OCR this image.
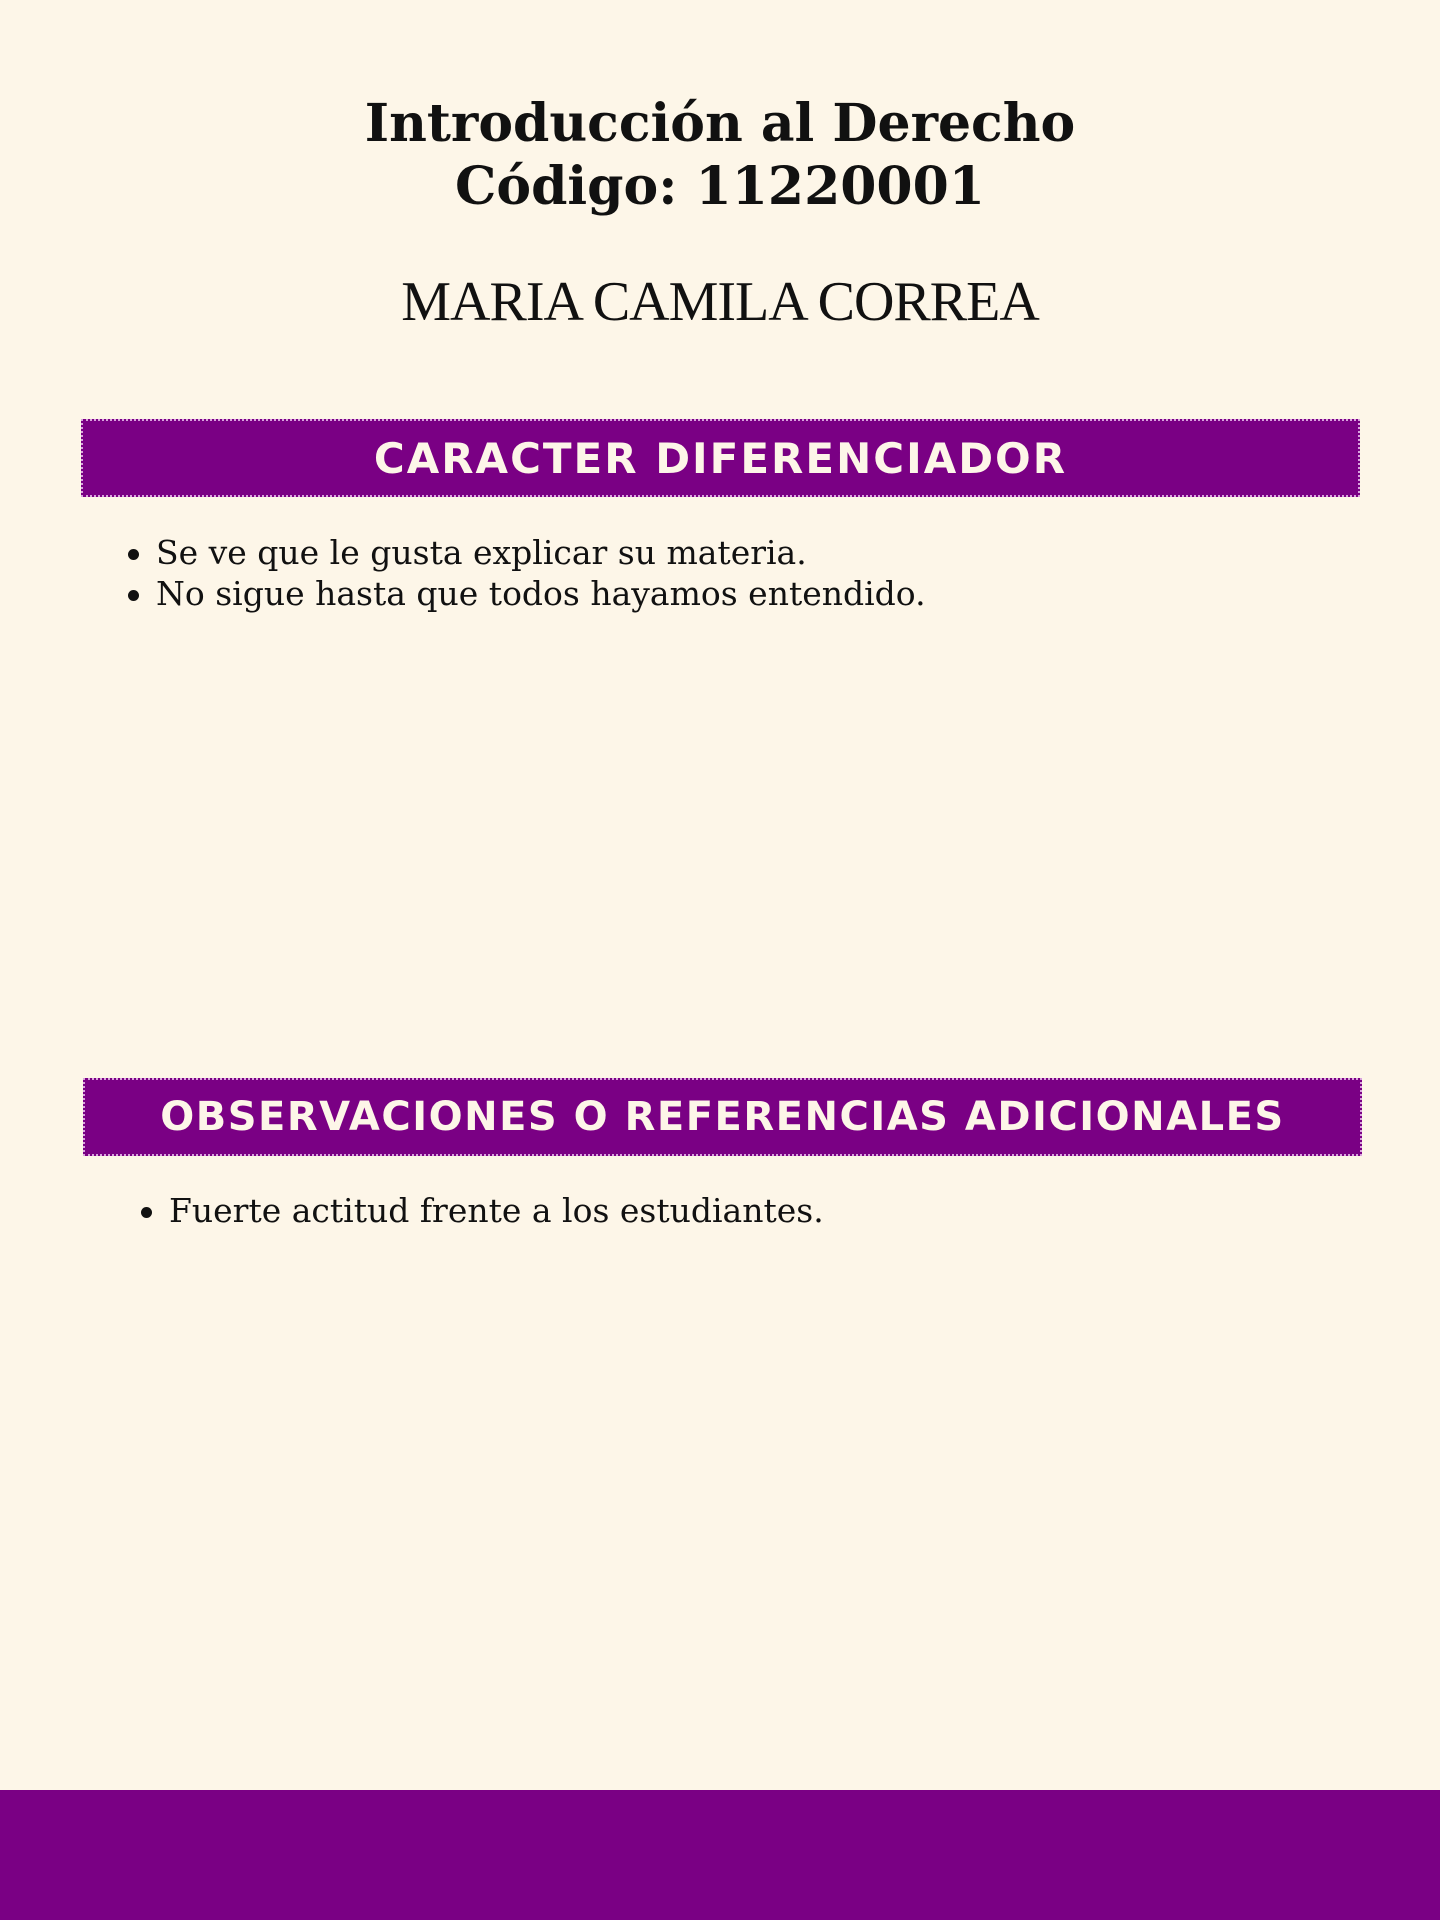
Introducción al Derecho

Código: 11220001

MARIA CAMILA CORREA

CARACTER DIFERENCIADOR
Se ve que le gusta explicar su materia.
No sigue hasta que todos hayamos entendido.
OBSERVACIONES O REFERENCIAS ADICIONALES
Fuerte actitud frente a los estudiantes.
